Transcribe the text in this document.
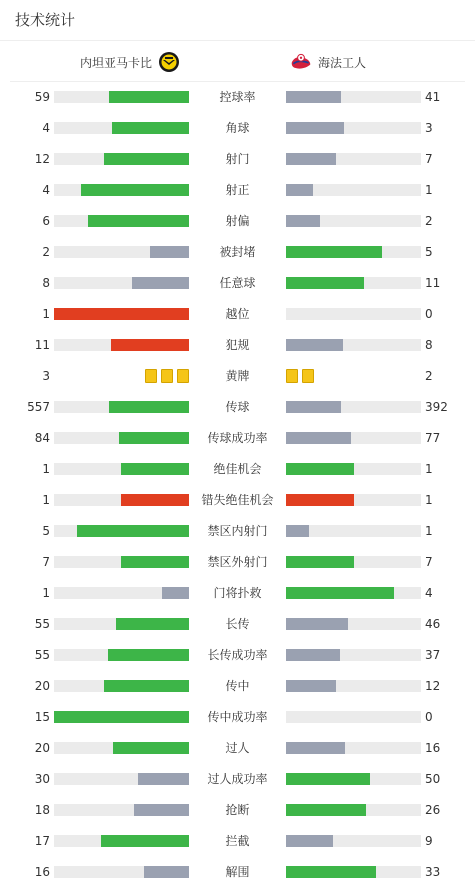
技术统计
内坦亚马卡比	海法工人
59	控球率	41
4	角球	3
12	射门	7
4	射正	1
6	射偏	2
2	被封堵	5
8	任意球	11
1	越位	0
11	犯规	8
3	黄牌	2
557	传球	392
84	传球成功率	77
1	绝佳机会	1
1	错失绝佳机会	1
5	禁区内射门	1
7	禁区外射门	7
1	门将扑救	4
55	长传	46
55	长传成功率	37
20	传中	12
15	传中成功率	0
20	过人	16
30	过人成功率	50
18	抢断	26
17	拦截	9
16	解围	33
